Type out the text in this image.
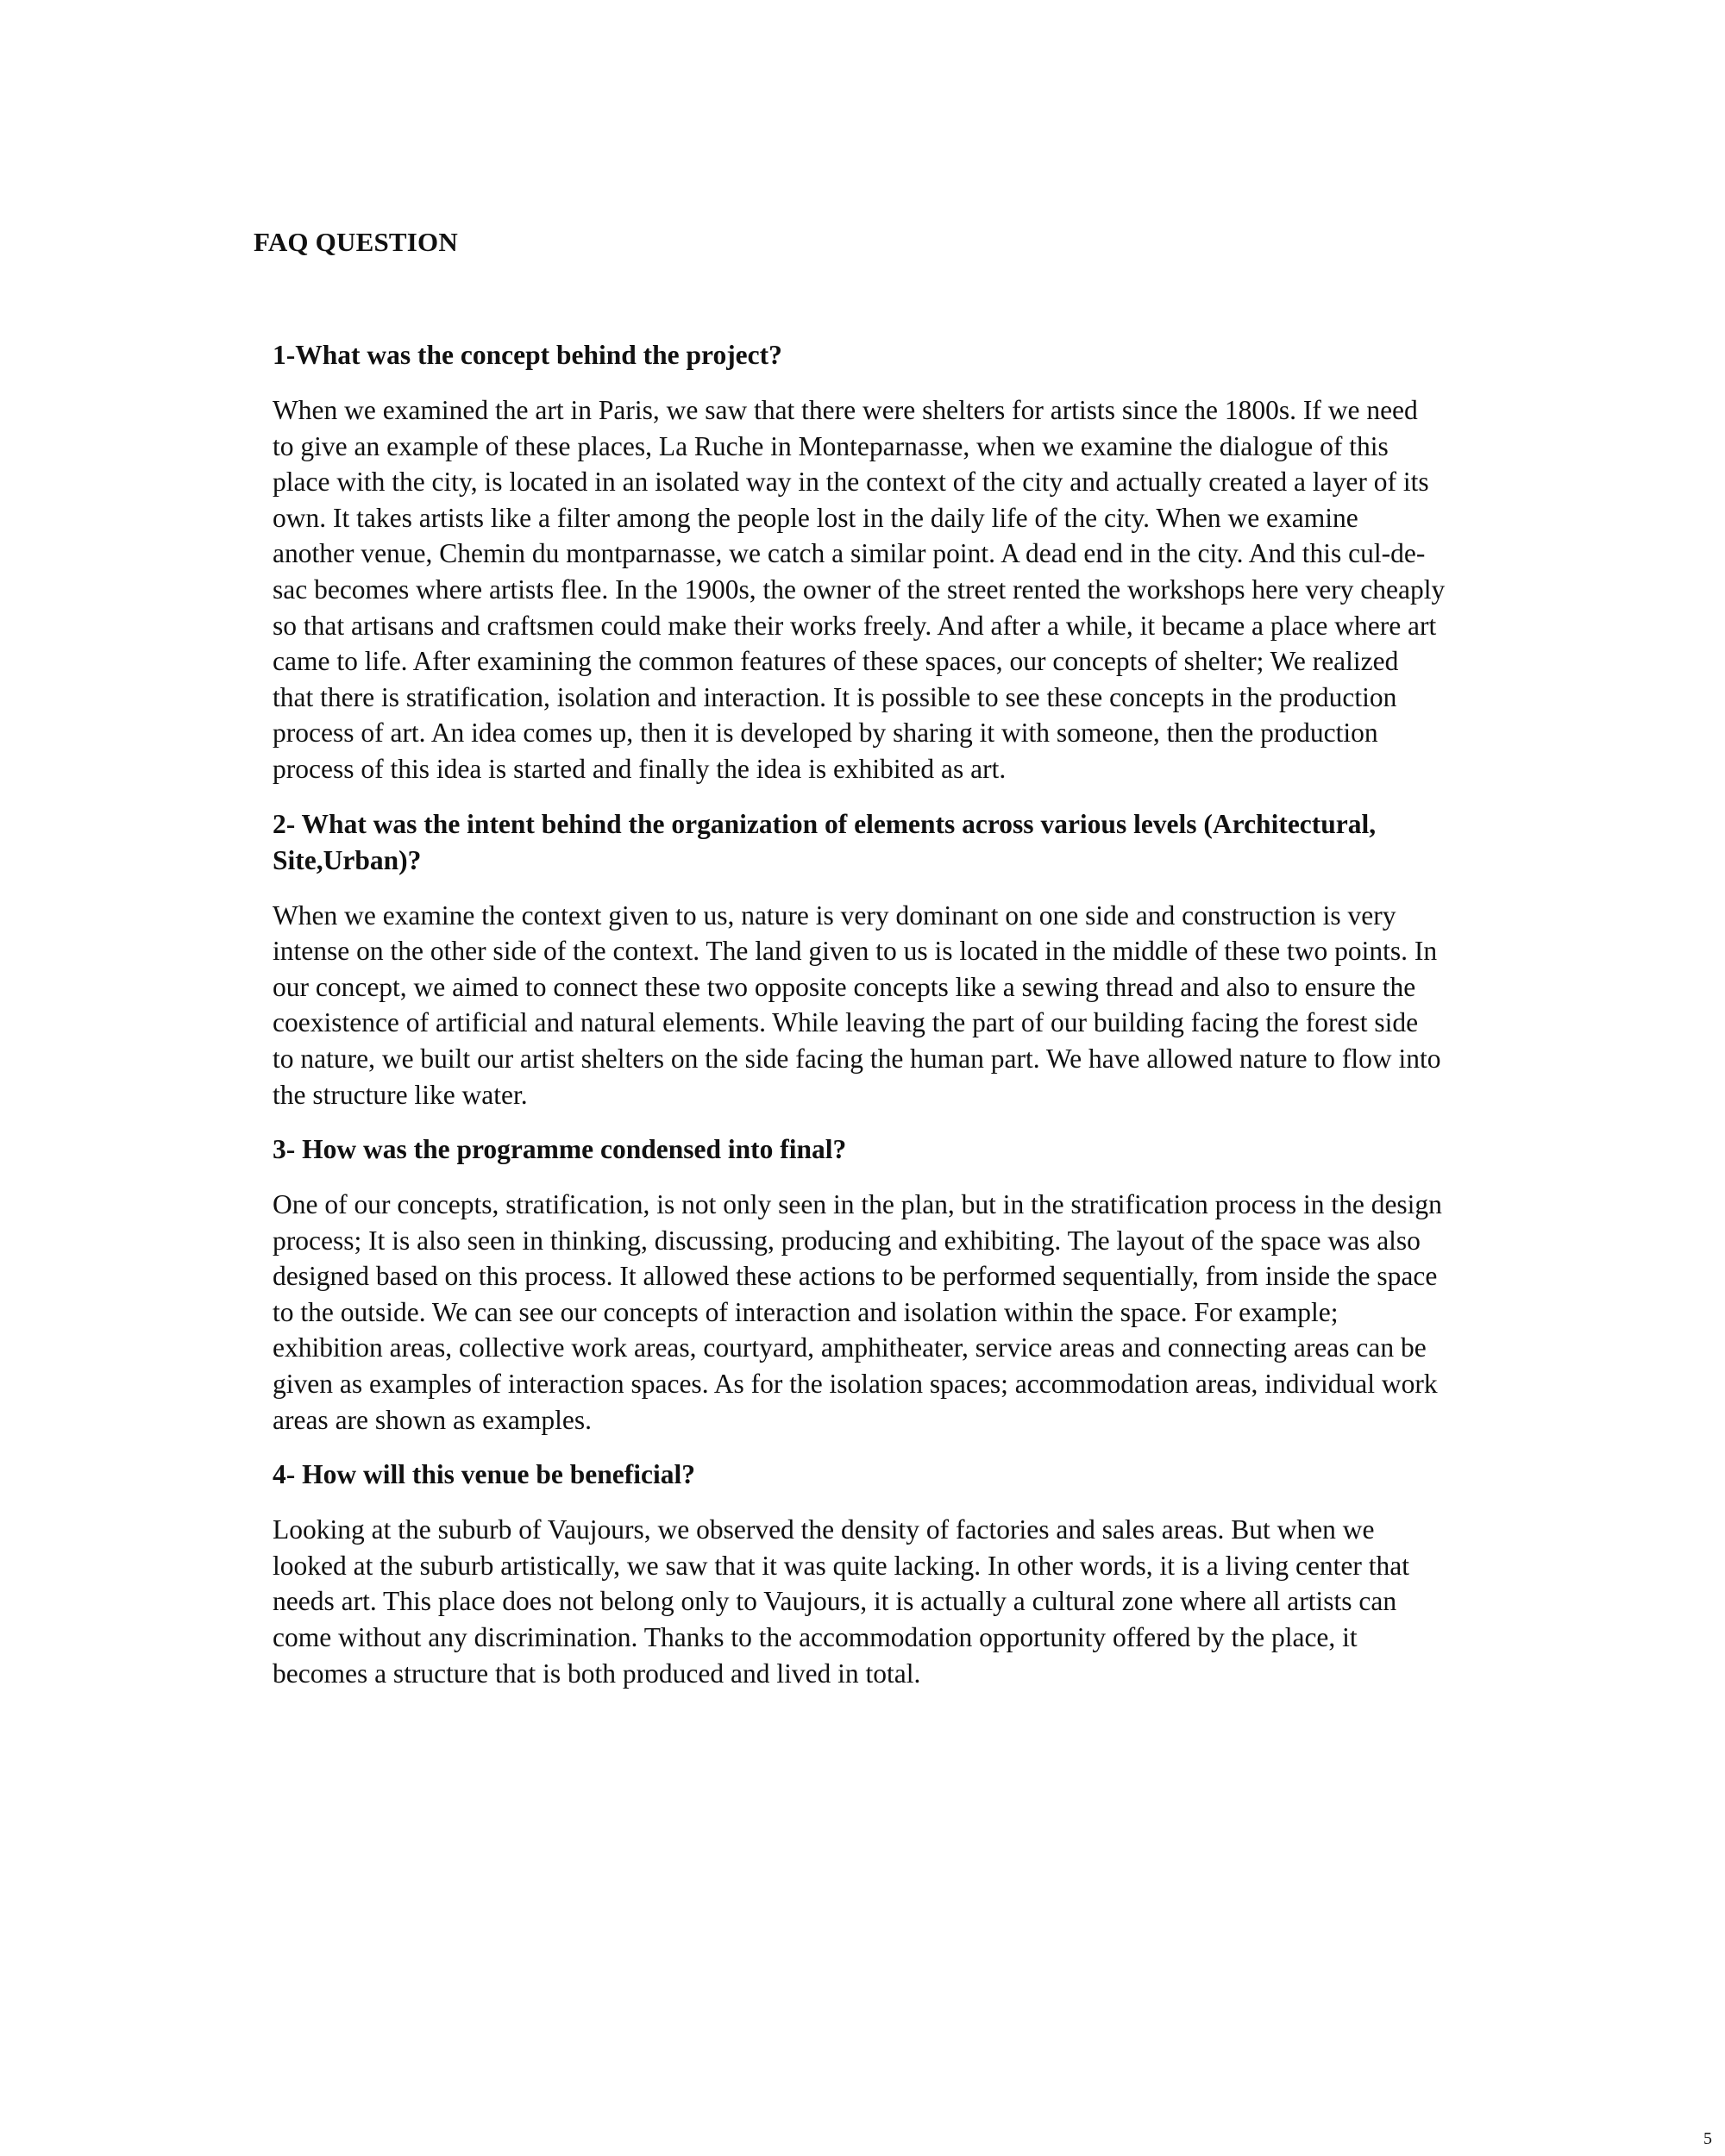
FAQ QUESTION

1-What was the concept behind the project?

When we examined the art in Paris, we saw that there were shelters for artists since the 1800s. If we need to give an example of these places, La Ruche in Monteparnasse, when we examine the dialogue of this place with the city, is located in an isolated way in the context of the city and actually created a layer of its own. It takes artists like a filter among the people lost in the daily life of the city. When we examine another venue, Chemin du montparnasse, we catch a similar point. A dead end in the city. And this cul-de-sac becomes where artists flee. In the 1900s, the owner of the street rented the workshops here very cheaply so that artisans and craftsmen could make their works freely. And after a while, it became a place where art came to life. After examining the common features of these spaces, our concepts of shelter; We realized that there is stratification, isolation and interaction. It is possible to see these concepts in the production process of art. An idea comes up, then it is developed by sharing it with someone, then the production process of this idea is started and finally the idea is exhibited as art.

2- What was the intent behind the organization of elements across various levels (Architectural, Site,Urban)?

When we examine the context given to us, nature is very dominant on one side and construction is very intense on the other side of the context. The land given to us is located in the middle of these two points. In our concept, we aimed to connect these two opposite concepts like a sewing thread and also to ensure the coexistence of artificial and natural elements. While leaving the part of our building facing the forest side to nature, we built our artist shelters on the side facing the human part. We have allowed nature to flow into the structure like water.

3- How was the programme condensed into final?

One of our concepts, stratification, is not only seen in the plan, but in the stratification process in the design process; It is also seen in thinking, discussing, producing and exhibiting. The layout of the space was also designed based on this process. It allowed these actions to be performed sequentially, from inside the space to the outside. We can see our concepts of interaction and isolation within the space. For example; exhibition areas, collective work areas, courtyard, amphitheater, service areas and connecting areas can be given as examples of interaction spaces. As for the isolation spaces; accommodation areas, individual work areas are shown as examples.

4- How will this venue be beneficial?

Looking at the suburb of Vaujours, we observed the density of factories and sales areas. But when we looked at the suburb artistically, we saw that it was quite lacking. In other words, it is a living center that needs art. This place does not belong only to Vaujours, it is actually a cultural zone where all artists can come without any discrimination. Thanks to the accommodation opportunity offered by the place, it becomes a structure that is both produced and lived in total.

5
